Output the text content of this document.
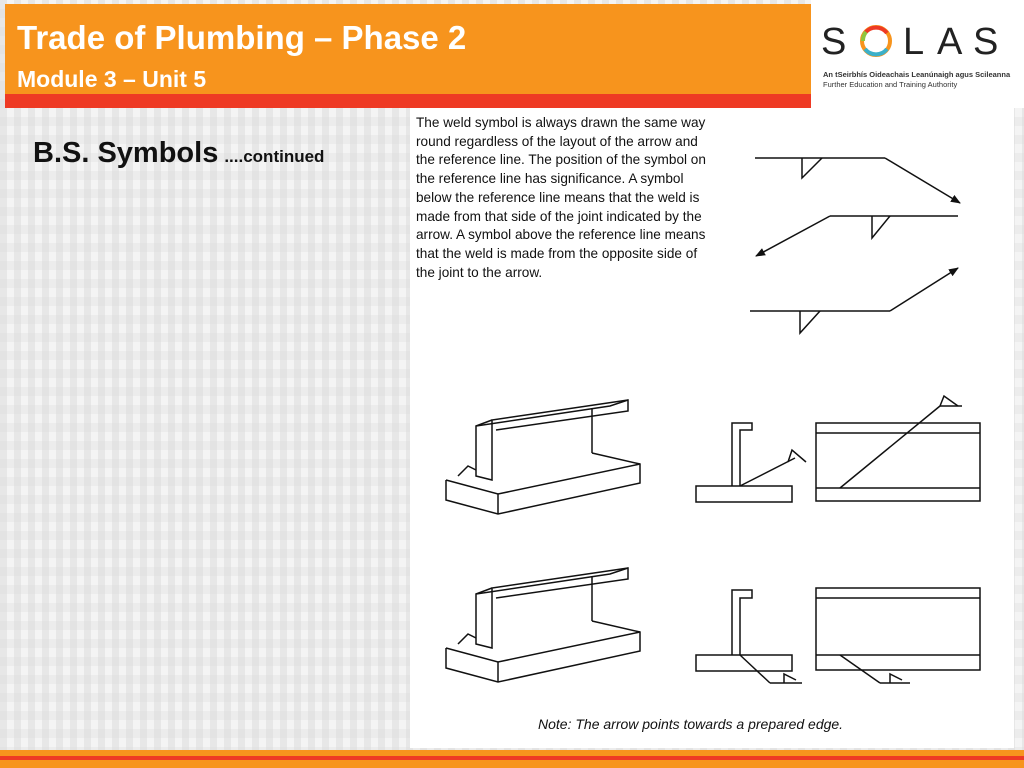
Trade of Plumbing – Phase 2
Module 3 – Unit 5
S L A S
An tSeirbhís Oideachais Leanúnaigh agus Scileanna
Further Education and Training Authority
B.S. Symbols ....continued
The weld symbol is always drawn the same way round regardless of the layout of the arrow and the reference line. The position of the symbol on the reference line has significance. A symbol below the reference line means that the weld is made from that side of the joint indicated by the arrow. A symbol above the reference line means that the weld is made from the opposite side of the joint to the arrow.
Note: The arrow points towards a prepared edge.
